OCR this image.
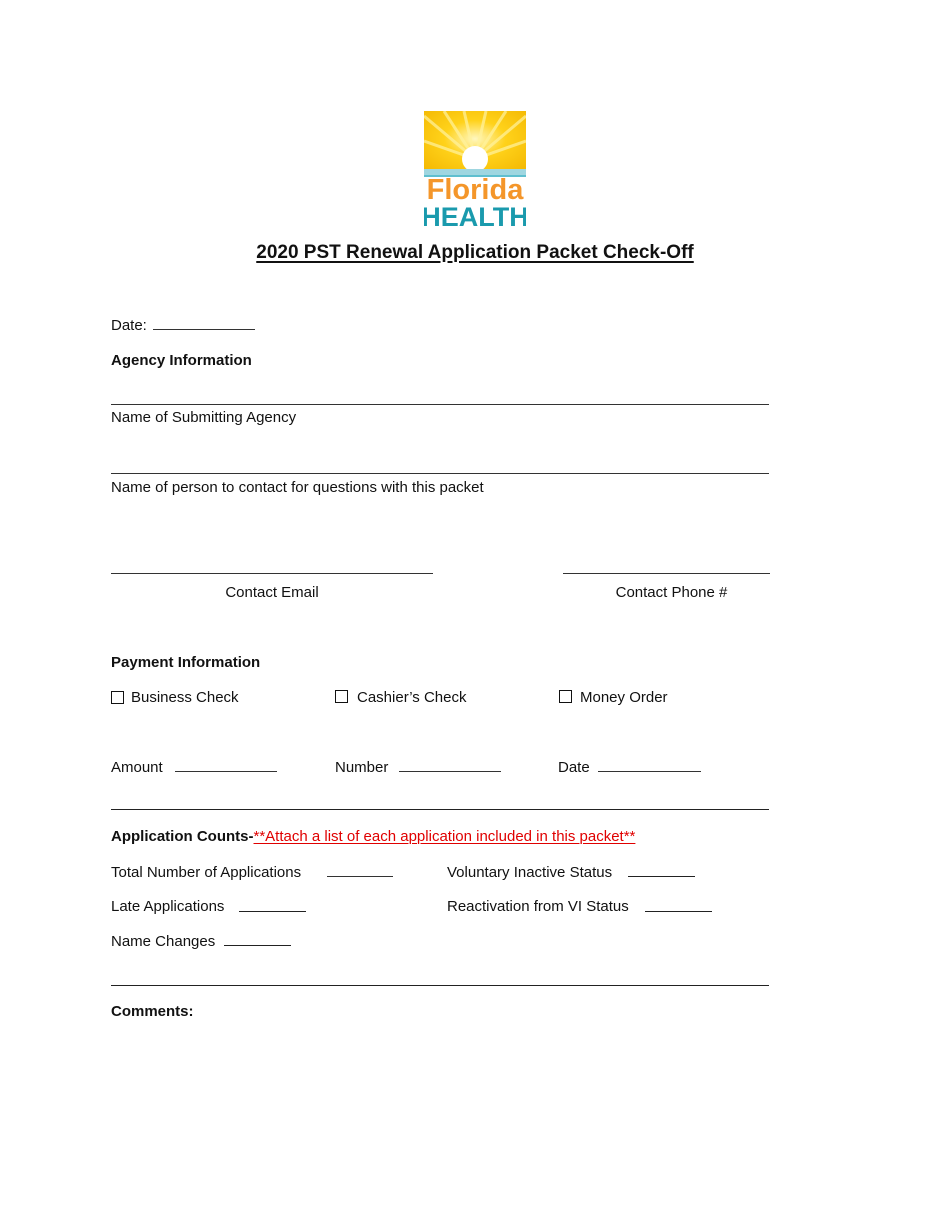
Florida
HEALTH
2020 PST Renewal Application Packet Check-Off
Date:
Agency Information
Name of Submitting Agency
Name of person to contact for questions with this packet
Contact Email	Contact Phone #
Payment Information
Business Check	Cashier’s Check	Money Order
Amount	Number	Date
Application Counts-**Attach a list of each application included in this packet**
Total Number of Applications	Voluntary Inactive Status
Late Applications	Reactivation from VI Status
Name Changes
Comments:
